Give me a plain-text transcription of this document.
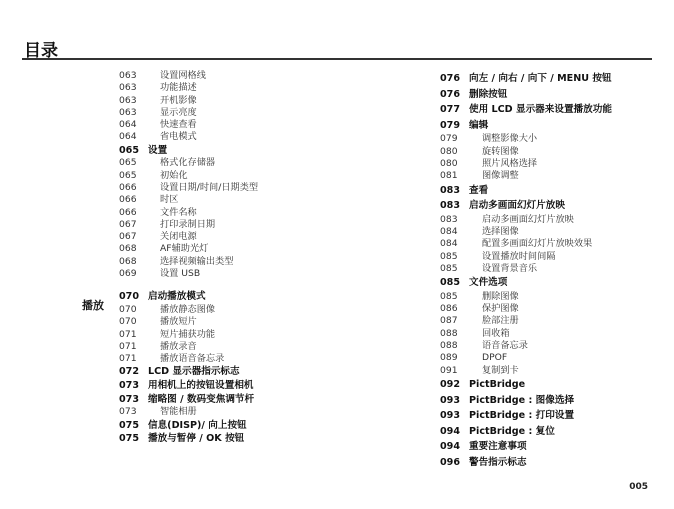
目录
063	设置网格线
063	功能描述
063	开机影像
063	显示亮度
064	快速查看
064	省电模式
065 设置
065	格式化存储器
065	初始化
066	设置日期/时间/日期类型
066	时区
066	文件名称
067	打印录制日期
067	关闭电源
068	AF辅助光灯
068	选择视频输出类型
069	设置 USB
070 启动播放模式
070	播放静态图像
070	播放短片
071	短片捕获功能
071	播放录音
071	播放语音备忘录
072 LCD 显示器指示标志
073 用相机上的按钮设置相机
073 缩略图 / 数码变焦调节杆
073	智能相册
075 信息(DISP)/ 向上按钮
075 播放与暂停 / OK 按钮
播放
076 向左 / 向右 / 向下 / MENU 按钮
076 删除按钮
077 使用 LCD 显示器来设置播放功能
079 编辑
079	调整影像大小
080	旋转图像
080	照片风格选择
081	图像调整
083 查看
083 启动多画面幻灯片放映
083	启动多画面幻灯片放映
084	选择图像
084	配置多画面幻灯片放映效果
085	设置播放时间间隔
085	设置背景音乐
085 文件选项
085	删除图像
086	保护图像
087	脸部注册
088	回收箱
088	语音备忘录
089	DPOF
091	复制到卡
092 PictBridge
093 PictBridge : 图像选择
093 PictBridge : 打印设置
094 PictBridge : 复位
094 重要注意事项
096 警告指示标志
005
